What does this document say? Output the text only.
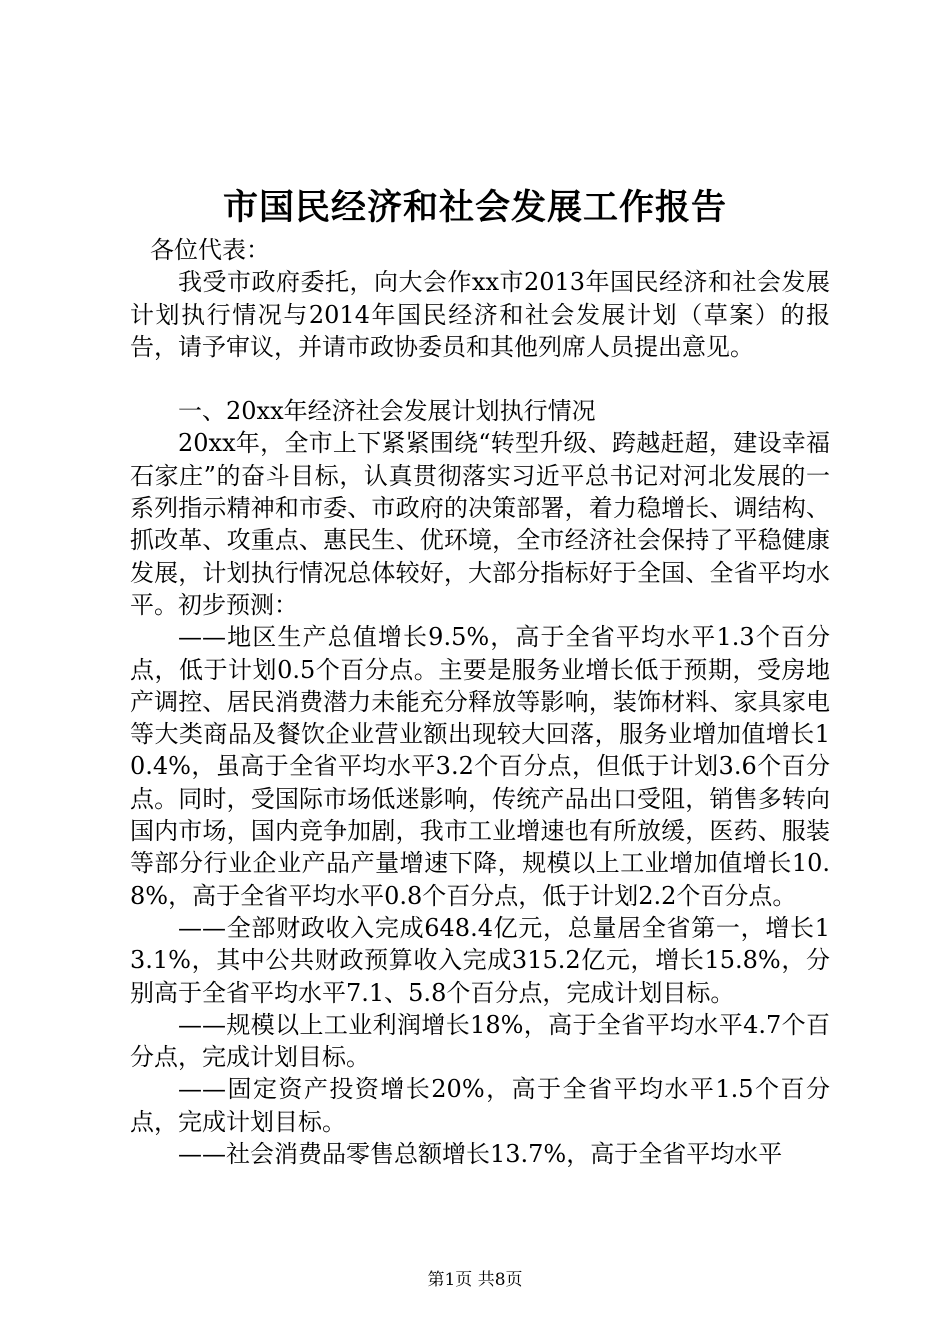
市国民经济和社会发展工作报告

各位代表：

我受市政府委托，向大会作xx市2013年国民经济和社会发展计划执行情况与2014年国民经济和社会发展计划（草案）的报告，请予审议，并请市政协委员和其他列席人员提出意见。

一、20xx年经济社会发展计划执行情况

20xx年，全市上下紧紧围绕“转型升级、跨越赶超，建设幸福石家庄”的奋斗目标，认真贯彻落实习近平总书记对河北发展的一系列指示精神和市委、市政府的决策部署，着力稳增长、调结构、抓改革、攻重点、惠民生、优环境，全市经济社会保持了平稳健康发展，计划执行情况总体较好，大部分指标好于全国、全省平均水平。初步预测：

——地区生产总值增长9.5%，高于全省平均水平1.3个百分点，低于计划0.5个百分点。主要是服务业增长低于预期，受房地产调控、居民消费潜力未能充分释放等影响，装饰材料、家具家电等大类商品及餐饮企业营业额出现较大回落，服务业增加值增长10.4%，虽高于全省平均水平3.2个百分点，但低于计划3.6个百分点。同时，受国际市场低迷影响，传统产品出口受阻，销售多转向国内市场，国内竞争加剧，我市工业增速也有所放缓，医药、服装等部分行业企业产品产量增速下降，规模以上工业增加值增长10.8%，高于全省平均水平0.8个百分点，低于计划2.2个百分点。

——全部财政收入完成648.4亿元，总量居全省第一，增长13.1%，其中公共财政预算收入完成315.2亿元，增长15.8%，分别高于全省平均水平7.1、5.8个百分点，完成计划目标。

——规模以上工业利润增长18%，高于全省平均水平4.7个百分点，完成计划目标。

——固定资产投资增长20%，高于全省平均水平1.5个百分点，完成计划目标。

——社会消费品零售总额增长13.7%，高于全省平均水平

第1页 共8页
